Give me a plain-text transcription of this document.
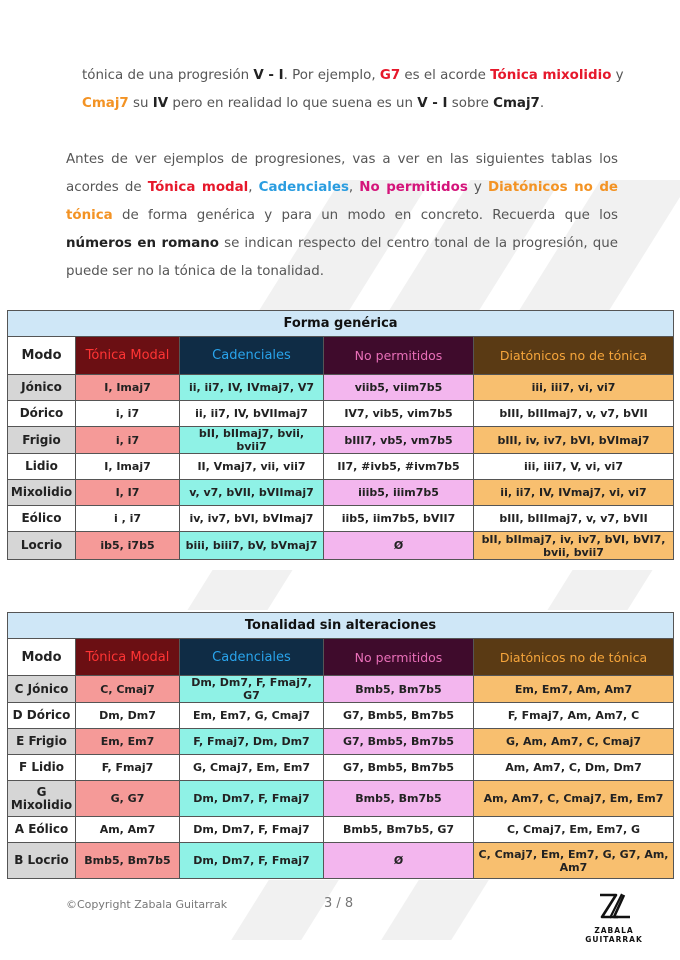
tónica de una progresión V - I. Por ejemplo, G7 es el acorde Tónica mixolidio y
Cmaj7 su IV pero en realidad lo que suena es un V - I sobre Cmaj7.
Antes de ver ejemplos de progresiones, vas a ver en las siguientes tablas los
acordes de Tónica modal, Cadenciales, No permitidos y Diatónicos no de
tónica de forma genérica y para un modo en concreto. Recuerda que los
números en romano se indican respecto del centro tonal de la progresión, que
puede ser no la tónica de la tonalidad.
Forma genérica				
Modo	Tónica Modal	Cadenciales	No permitidos	Diatónicos no de tónica
Jónico	I, Imaj7	ii, ii7, IV, IVmaj7, V7	viib5, viim7b5	iii, iii7, vi, vi7
Dórico	i, i7	ii, ii7, IV, bVIImaj7	IV7, vib5, vim7b5	bIII, bIIImaj7, v, v7, bVII
Frigio	i, i7	bII, bIImaj7, bvii, bvii7	bIII7, vb5, vm7b5	bIII, iv, iv7, bVI, bVImaj7
Lidio	I, Imaj7	II, Vmaj7, vii, vii7	II7, #ivb5, #ivm7b5	iii, iii7, V, vi, vi7
Mixolidio	I, I7	v, v7, bVII, bVIImaj7	iiib5, iiim7b5	ii, ii7, IV, IVmaj7, vi, vi7
Eólico	i , i7	iv, iv7, bVI, bVImaj7	iib5, iim7b5, bVII7	bIII, bIIImaj7, v, v7, bVII
Locrio	ib5, i7b5	biii, biii7, bV, bVmaj7	Ø	bII, bIImaj7, iv, iv7, bVI, bVI7, bvii, bvii7
Tonalidad sin alteraciones				
Modo	Tónica Modal	Cadenciales	No permitidos	Diatónicos no de tónica
C Jónico	C, Cmaj7	Dm, Dm7, F, Fmaj7, G7	Bmb5, Bm7b5	Em, Em7, Am, Am7
D Dórico	Dm, Dm7	Em, Em7, G, Cmaj7	G7, Bmb5, Bm7b5	F, Fmaj7, Am, Am7, C
E Frigio	Em, Em7	F, Fmaj7, Dm, Dm7	G7, Bmb5, Bm7b5	G, Am, Am7, C, Cmaj7
F Lidio	F, Fmaj7	G, Cmaj7, Em, Em7	G7, Bmb5, Bm7b5	Am, Am7, C, Dm, Dm7
G Mixolidio	G, G7	Dm, Dm7, F, Fmaj7	Bmb5, Bm7b5	Am, Am7, C, Cmaj7, Em, Em7
A Eólico	Am, Am7	Dm, Dm7, F, Fmaj7	Bmb5, Bm7b5, G7	C, Cmaj7, Em, Em7, G
B Locrio	Bmb5, Bm7b5	Dm, Dm7, F, Fmaj7	Ø	C, Cmaj7, Em, Em7, G, G7, Am, Am7
©Copyright Zabala Guitarrak	3 / 8
ZABALA GUITARRAK
